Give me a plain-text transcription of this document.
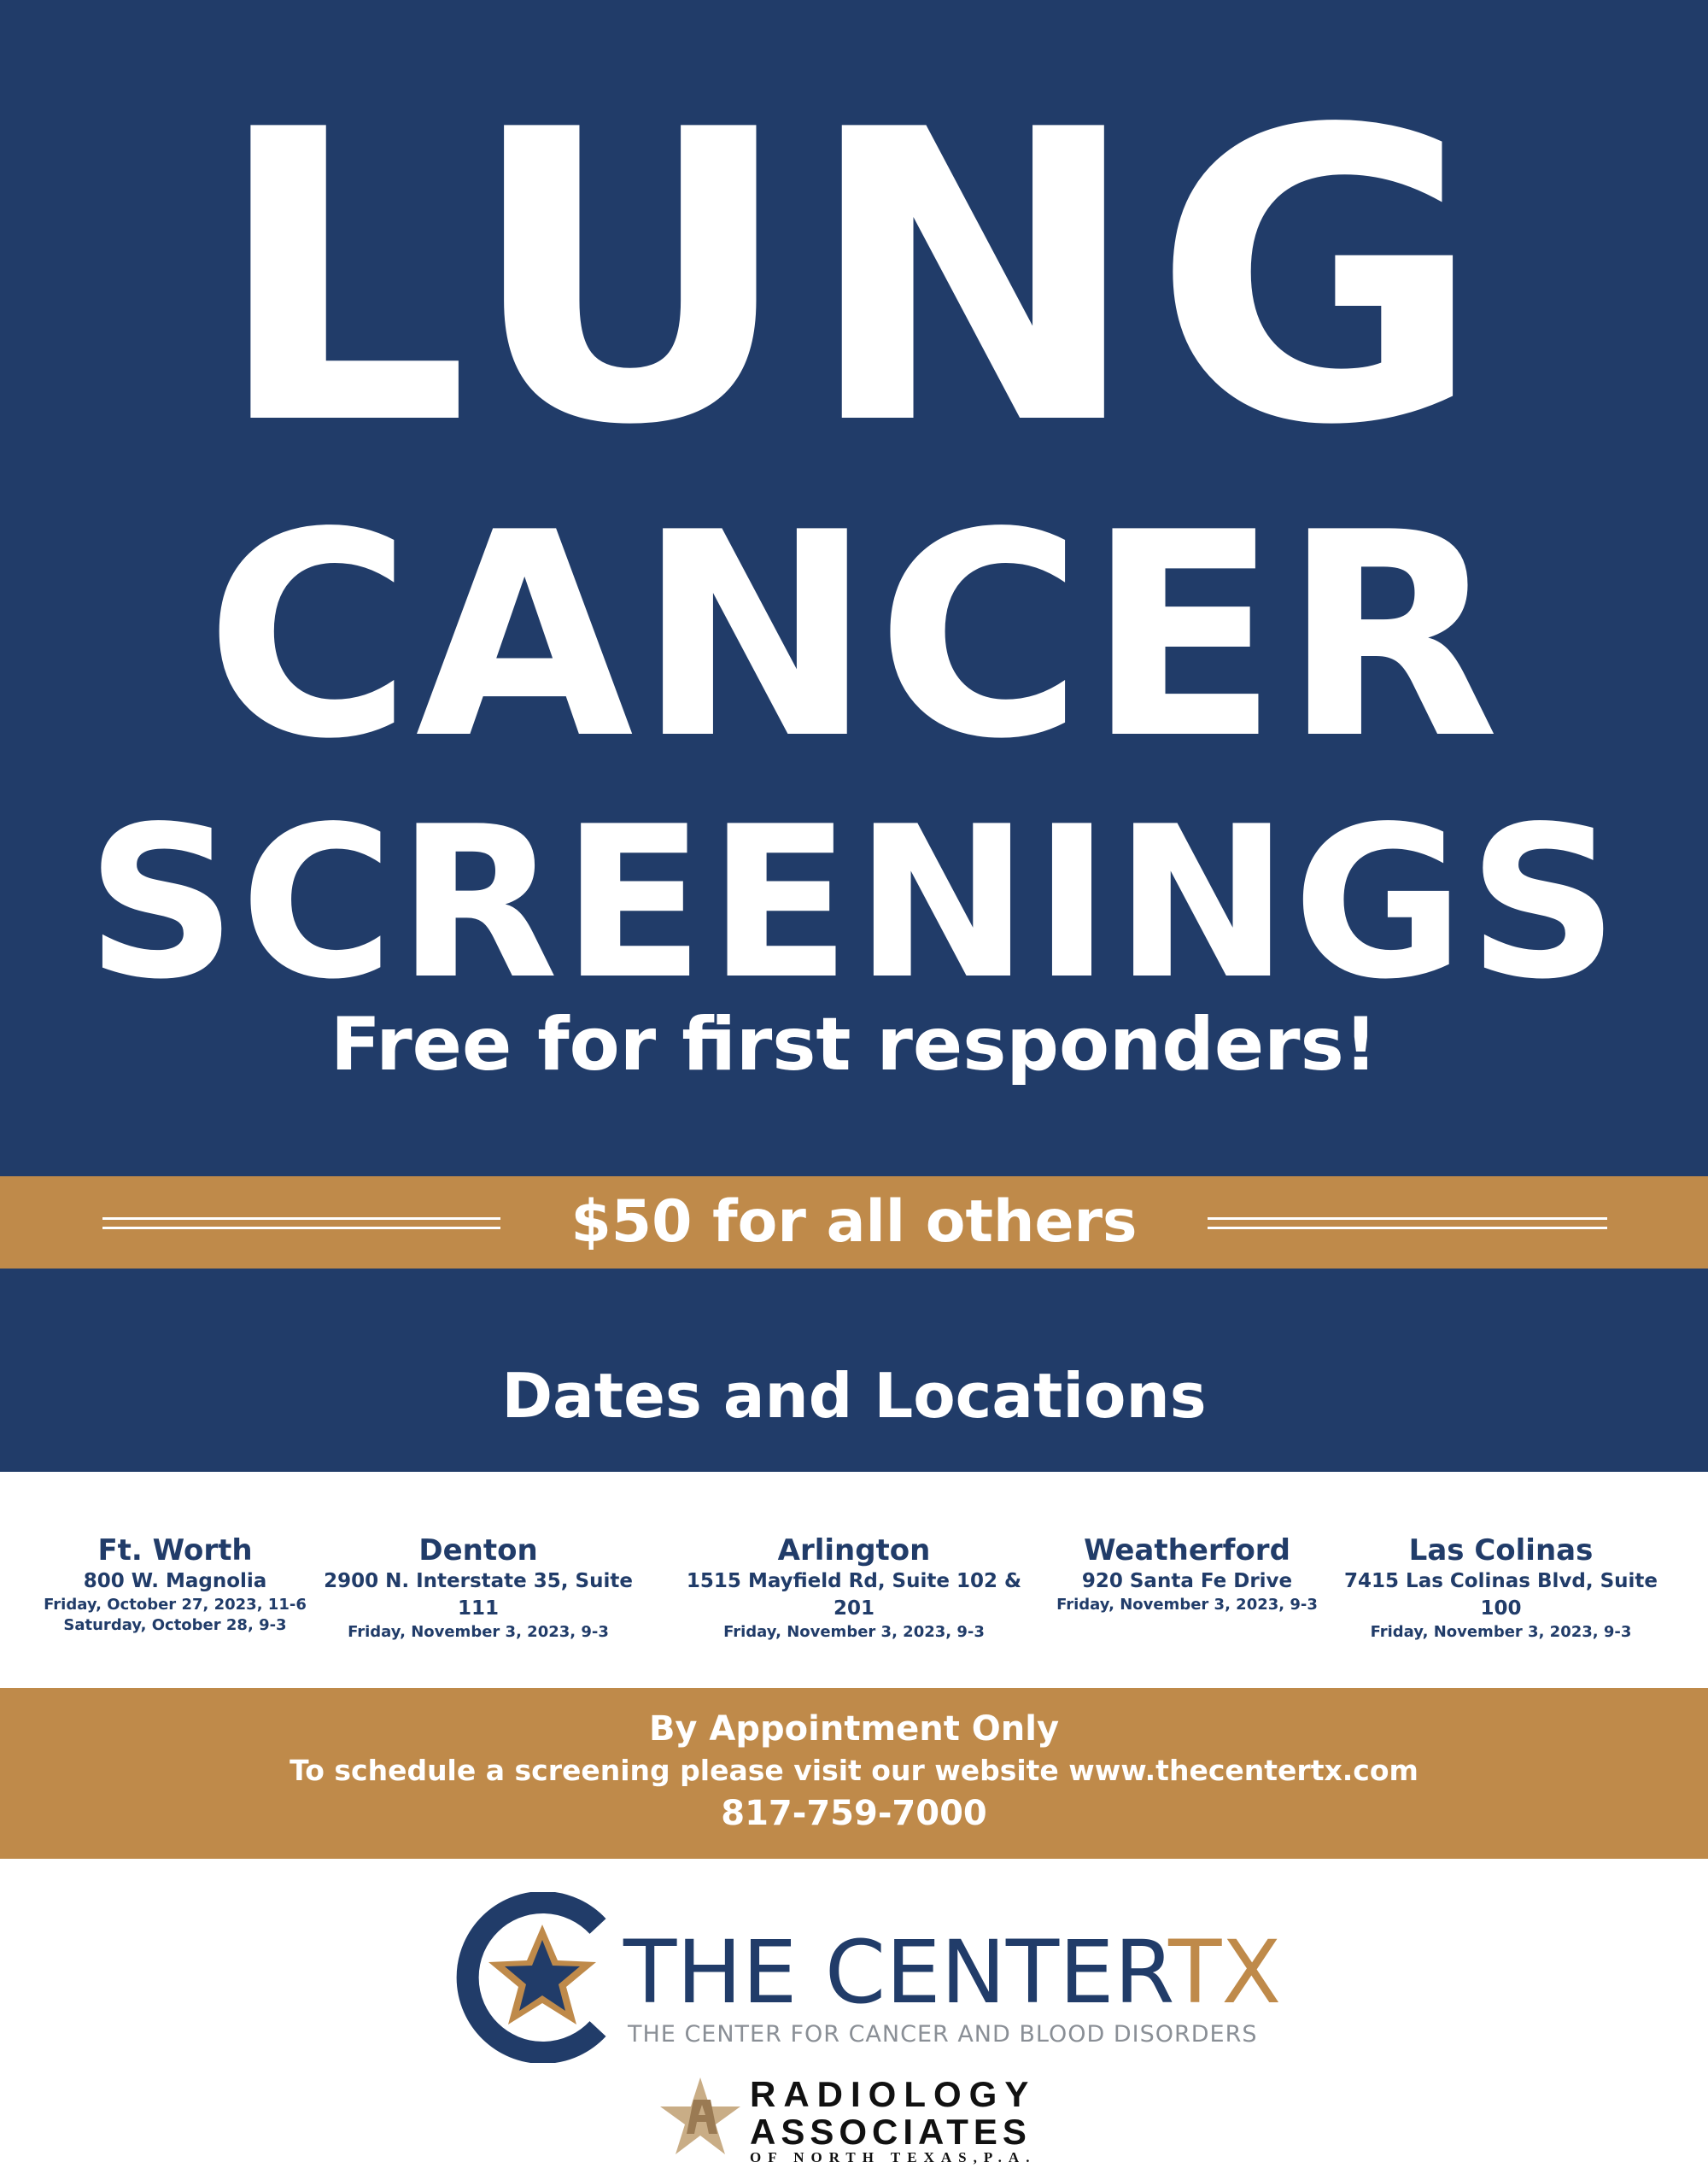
LUNG
CANCER
SCREENINGS
Free for first responders!
$50 for all others
Dates and Locations
Ft. Worth
800 W. Magnolia
Friday, October 27, 2023, 11-6
Saturday, October 28, 9-3
Denton
2900 N. Interstate 35, Suite 111
Friday, November 3, 2023, 9-3
Arlington
1515 Mayfield Rd, Suite 102 & 201
Friday, November 3, 2023, 9-3
Weatherford
920 Santa Fe Drive
Friday, November 3, 2023, 9-3
Las Colinas
7415 Las Colinas Blvd, Suite 100
Friday, November 3, 2023, 9-3
By Appointment Only
To schedule a screening please visit our website www.thecentertx.com
817-759-7000
THE CENTERTX
THE CENTER FOR CANCER AND BLOOD DISORDERS
RADIOLOGY
ASSOCIATES
OF NORTH TEXAS,P.A.
